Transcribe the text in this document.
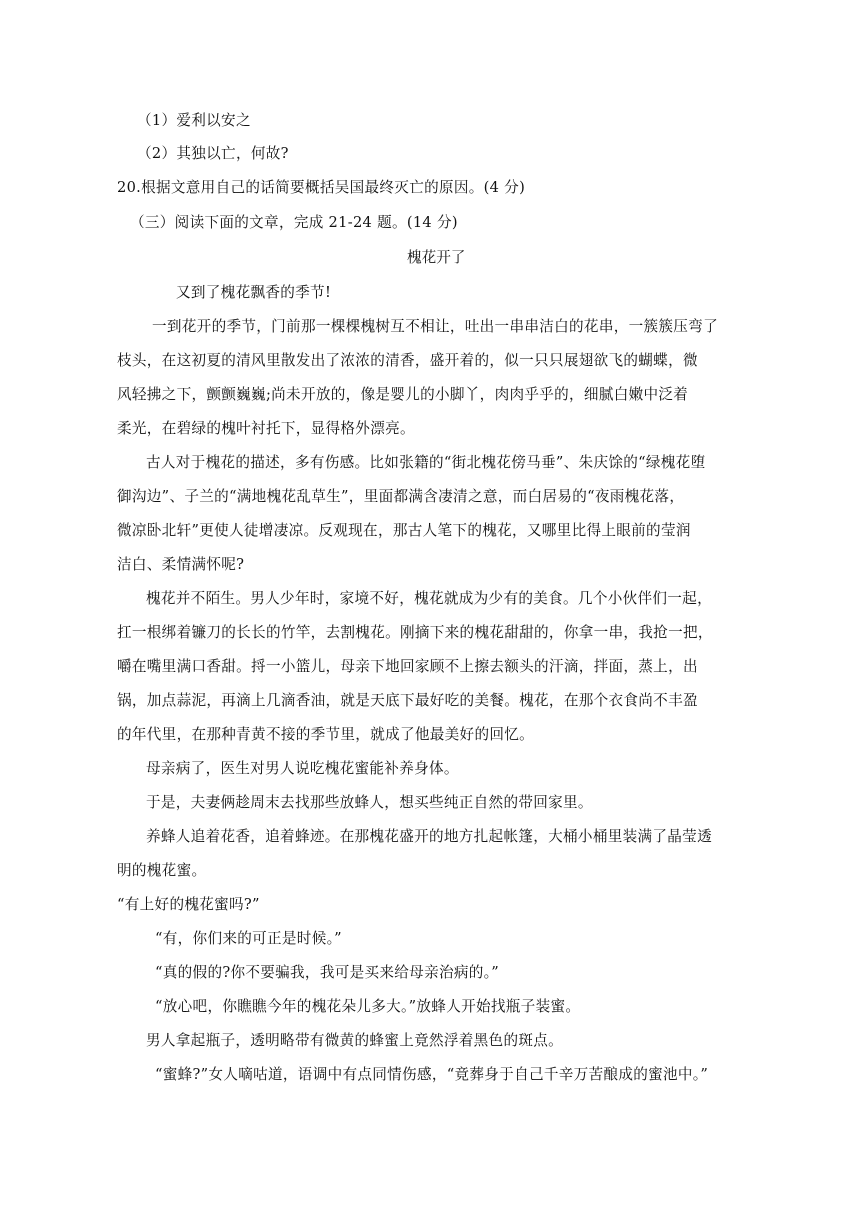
（1）爱利以安之
（2）其独以亡，何故?
20.根据文意用自己的话简要概括吴国最终灭亡的原因。(4 分)
（三）阅读下面的文章，完成 21-24 题。(14 分)
槐花开了
又到了槐花飘香的季节!
一到花开的季节，门前那一棵棵槐树互不相让，吐出一串串洁白的花串，一簇簇压弯了
枝头，在这初夏的清风里散发出了浓浓的清香，盛开着的，似一只只展翅欲飞的蝴蝶，微
风轻拂之下，颤颤巍巍;尚未开放的，像是婴儿的小脚丫，肉肉乎乎的，细腻白嫩中泛着
柔光，在碧绿的槐叶衬托下，显得格外漂亮。
古人对于槐花的描述，多有伤感。比如张籍的“街北槐花傍马垂”、朱庆馀的“绿槐花堕
御沟边”、子兰的“满地槐花乱草生”，里面都满含凄清之意，而白居易的“夜雨槐花落，
微凉卧北轩”更使人徒增凄凉。反观现在，那古人笔下的槐花，又哪里比得上眼前的莹润
洁白、柔情满怀呢?
槐花并不陌生。男人少年时，家境不好，槐花就成为少有的美食。几个小伙伴们一起，
扛一根绑着镰刀的长长的竹竿，去割槐花。刚摘下来的槐花甜甜的，你拿一串，我抢一把，
嚼在嘴里满口香甜。捋一小篮儿，母亲下地回家顾不上擦去额头的汗滴，拌面，蒸上，出
锅，加点蒜泥，再滴上几滴香油，就是天底下最好吃的美餐。槐花，在那个衣食尚不丰盈
的年代里，在那种青黄不接的季节里，就成了他最美好的回忆。
母亲病了，医生对男人说吃槐花蜜能补养身体。
于是，夫妻俩趁周末去找那些放蜂人，想买些纯正自然的带回家里。
养蜂人追着花香，追着蜂迹。在那槐花盛开的地方扎起帐篷，大桶小桶里装满了晶莹透
明的槐花蜜。
“有上好的槐花蜜吗?”
“有，你们来的可正是时候。”
“真的假的?你不要骗我，我可是买来给母亲治病的。”
“放心吧，你瞧瞧今年的槐花朵儿多大。”放蜂人开始找瓶子装蜜。
男人拿起瓶子，透明略带有微黄的蜂蜜上竟然浮着黑色的斑点。
“蜜蜂?”女人嘀咕道，语调中有点同情伤感，“竟葬身于自己千辛万苦酿成的蜜池中。”
